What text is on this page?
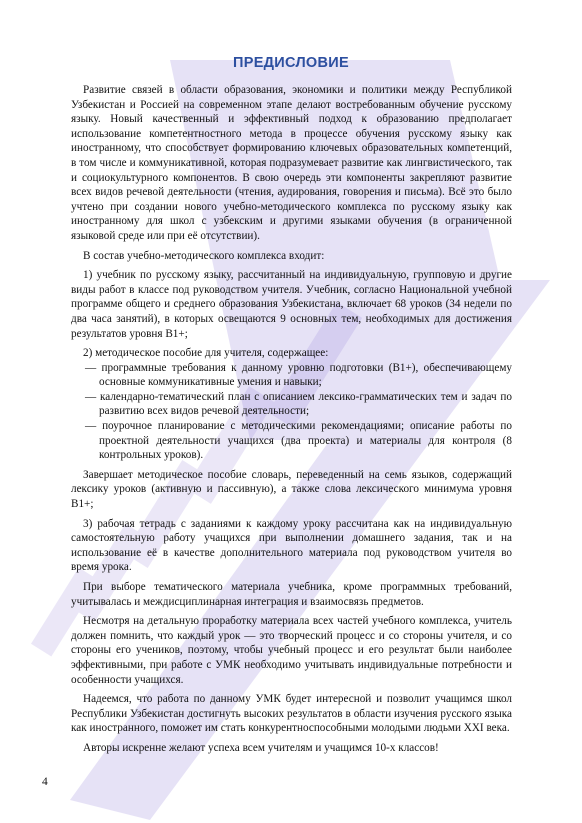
ПРЕДИСЛОВИЕ

Развитие связей в области образования, экономики и политики между Республикой Узбекистан и Россией на современном этапе делают востребованным обучение русскому языку. Новый качественный и эффективный подход к образованию предполагает использование компетентностного метода в процессе обучения русскому языку как иностранному, что способствует формированию ключевых образовательных компетенций, в том числе и коммуникативной, которая подразумевает развитие как лингвистического, так и социокультурного компонентов. В свою очередь эти компоненты закрепляют развитие всех видов речевой деятельности (чтения, аудирования, говорения и письма). Всё это было учтено при создании нового учебно-методического комплекса по русскому языку как иностранному для школ с узбекским и другими языками обучения (в ограниченной языковой среде или при её отсутствии).

В состав учебно-методического комплекса входит:

1) учебник по русскому языку, рассчитанный на индивидуальную, групповую и другие виды работ в классе под руководством учителя. Учебник, согласно Национальной учебной программе общего и среднего образования Узбекистана, включает 68 уроков (34 недели по два часа занятий), в которых освещаются 9 основных тем, необходимых для достижения результатов уровня В1+;

2) методическое пособие для учителя, содержащее:

— программные требования к данному уровню подготовки (В1+), обеспечивающему основные коммуникативные умения и навыки;

— календарно-тематический план с описанием лексико-грамматических тем и задач по развитию всех видов речевой деятельности;

— поурочное планирование с методическими рекомендациями; описание работы по проектной деятельности учащихся (два проекта) и материалы для контроля (8 контрольных уроков).

Завершает методическое пособие словарь, переведенный на семь языков, содержащий лексику уроков (активную и пассивную), а также слова лексического минимума уровня В1+;

3) рабочая тетрадь с заданиями к каждому уроку рассчитана как на индивидуальную самостоятельную работу учащихся при выполнении домашнего задания, так и на использование её в качестве дополнительного материала под руководством учителя во время урока.

При выборе тематического материала учебника, кроме программных требований, учитывалась и междисциплинарная интеграция и взаимосвязь предметов.

Несмотря на детальную проработку материала всех частей учебного комплекса, учитель должен помнить, что каждый урок — это творческий процесс и со стороны учителя, и со стороны его учеников, поэтому, чтобы учебный процесс и его результат были наиболее эффективными, при работе с УМК необходимо учитывать индивидуальные потребности и особенности учащихся.

Надеемся, что работа по данному УМК будет интересной и позволит учащимся школ Республики Узбекистан достигнуть высоких результатов в области изучения русского языка как иностранного, поможет им стать конкурентноспособными молодыми людьми XXI века.

Авторы искренне желают успеха всем учителям и учащимся 10-х классов!

4
